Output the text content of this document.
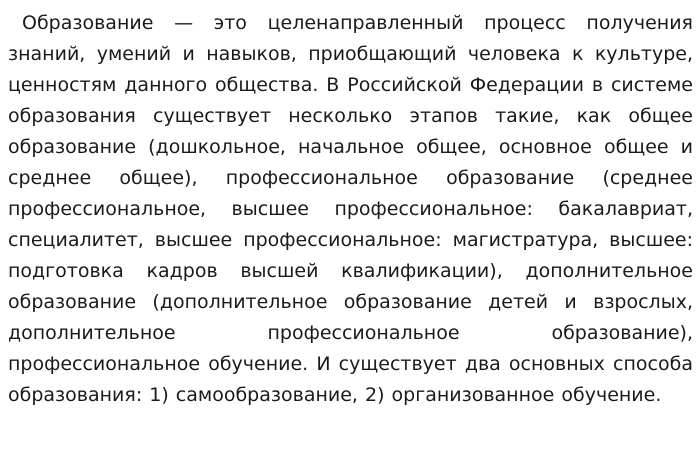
Образование — это целенаправленный процесс получения знаний, умений и навыков, приобщающий человека к культуре, ценностям данного общества. В Российской Федерации в системе образования существует несколько этапов такие, как общее образование (дошкольное, начальное общее, основное общее и среднее общее), профессиональное образование (среднее профессиональное, высшее профессиональное: бакалавриат, специалитет, высшее профессиональное: магистратура, высшее: подготовка кадров высшей квалификации), дополнительное образование (дополнительное образование детей и взрослых, дополнительное профессиональное образование), профессиональное обучение. И существует два основных способа образования: 1) самообразование, 2) организованное обучение.
